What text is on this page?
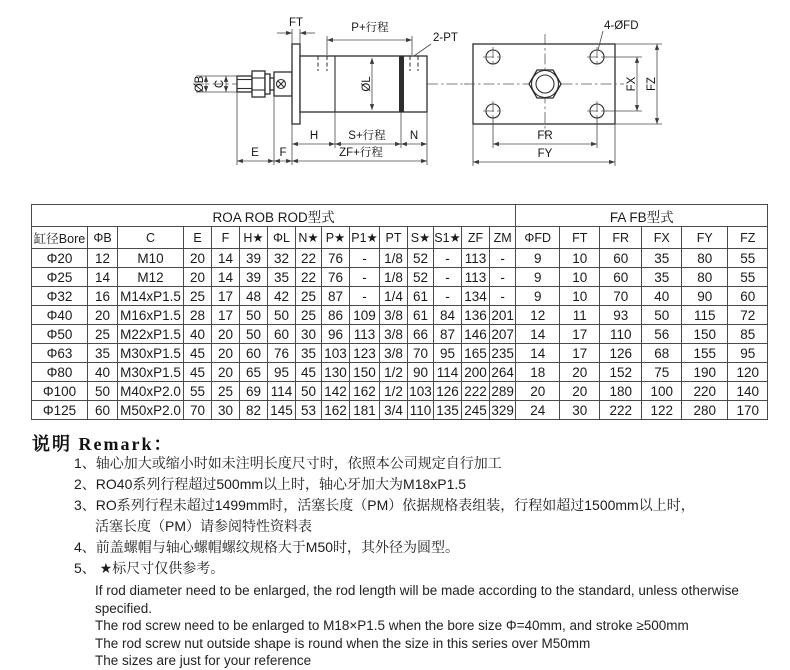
ØB C
FT	P+行程
2-PT
ØL
H	S+行程 N
E F	ZF+行程
4-ØFD
FX FZ
FR
FY
ROA ROB ROD型式															FA FB型式					
缸径Bore	ΦB	C	E	F	H★	ΦL	N★	P★	P1★	PT	S★	S1★	ZF	ZM	ΦFD	FT	FR	FX	FY	FZ
Φ20	12	M10	20	14	39	32	22	76	-	1/8	52	-	113	-	9	10	60	35	80	55
Φ25	14	M12	20	14	39	35	22	76	-	1/8	52	-	113	-	9	10	60	35	80	55
Φ32	16	M14xP1.5	25	17	48	42	25	87	-	1/4	61	-	134	-	9	10	70	40	90	60
Φ40	20	M16xP1.5	28	17	50	50	25	86	109	3/8	61	84	136	201	12	11	93	50	115	72
Φ50	25	M22xP1.5	40	20	50	60	30	96	113	3/8	66	87	146	207	14	17	110	56	150	85
Φ63	35	M30xP1.5	45	20	60	76	35	103	123	3/8	70	95	165	235	14	17	126	68	155	95
Φ80	40	M30xP1.5	45	20	65	95	45	130	150	1/2	90	114	200	264	18	20	152	75	190	120
Φ100	50	M40xP2.0	55	25	69	114	50	142	162	1/2	103	126	222	289	20	20	180	100	220	140
Φ125	60	M50xP2.0	70	30	82	145	53	162	181	3/4	110	135	245	329	24	30	222	122	280	170
说明 Remark：
1、轴心加大或缩小时如未注明长度尺寸时，依照本公司规定自行加工
2、RO40系列行程超过500mm以上时，轴心牙加大为M18xP1.5
3、RO系列行程未超过1499mm时，活塞长度（PM）依据规格表组装，行程如超过1500mm以上时，
活塞长度（PM）请参阅特性资料表
4、前盖螺帽与轴心螺帽螺纹规格大于M50时，其外径为圆型。
5、 ★标尺寸仅供参考。
If rod diameter need to be enlarged, the rod length will be made according to the standard, unless otherwise specified.
The rod screw need to be enlarged to M18×P1.5 when the bore size Φ=40mm, and stroke ≥500mm
The rod screw nut outside shape is round when the size in this series over M50mm
The sizes are just for your reference
